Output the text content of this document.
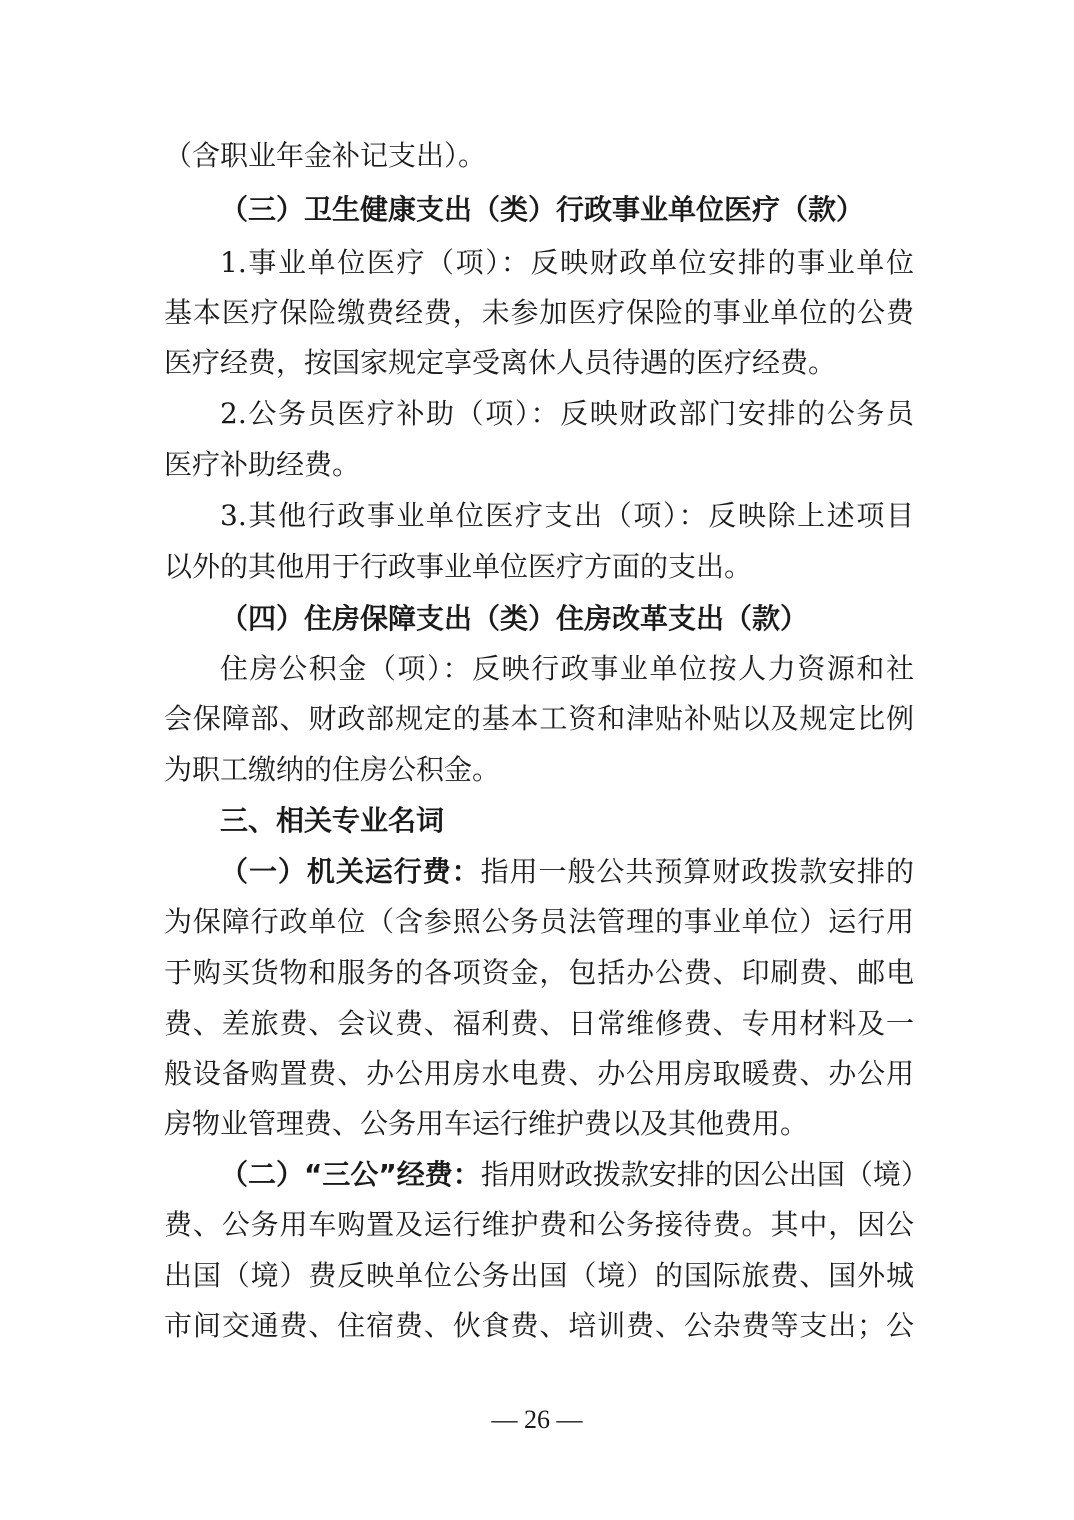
（含职业年金补记支出）。
（三）卫生健康支出（类）行政事业单位医疗（款）
1.事业单位医疗（项）：反映财政单位安排的事业单位
基本医疗保险缴费经费，未参加医疗保险的事业单位的公费
医疗经费，按国家规定享受离休人员待遇的医疗经费。
2.公务员医疗补助（项）：反映财政部门安排的公务员
医疗补助经费。
3.其他行政事业单位医疗支出（项）：反映除上述项目
以外的其他用于行政事业单位医疗方面的支出。
（四）住房保障支出（类）住房改革支出（款）
住房公积金（项）：反映行政事业单位按人力资源和社
会保障部、财政部规定的基本工资和津贴补贴以及规定比例
为职工缴纳的住房公积金。
三、相关专业名词
（一）机关运行费：指用一般公共预算财政拨款安排的
为保障行政单位（含参照公务员法管理的事业单位）运行用
于购买货物和服务的各项资金，包括办公费、印刷费、邮电
费、差旅费、会议费、福利费、日常维修费、专用材料及一
般设备购置费、办公用房水电费、办公用房取暖费、办公用
房物业管理费、公务用车运行维护费以及其他费用。
（二）“三公”经费：指用财政拨款安排的因公出国（境）
费、公务用车购置及运行维护费和公务接待费。其中，因公
出国（境）费反映单位公务出国（境）的国际旅费、国外城
市间交通费、住宿费、伙食费、培训费、公杂费等支出；公
— 26 —
